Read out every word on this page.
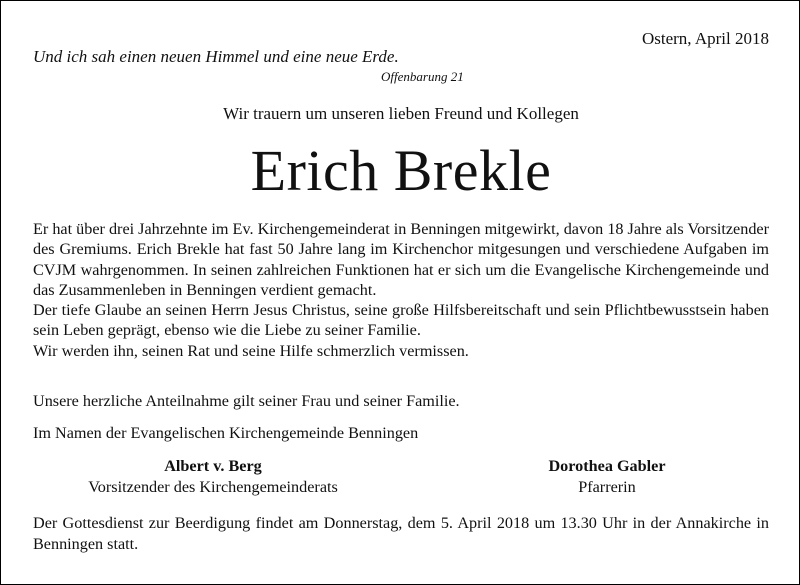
Ostern, April 2018
Und ich sah einen neuen Himmel und eine neue Erde.
Offenbarung 21
Wir trauern um unseren lieben Freund und Kollegen
Erich Brekle

Er hat über drei Jahrzehnte im Ev. Kirchengemeinderat in Benningen mitgewirkt, davon 18 Jahre als Vorsitzender des Gremiums. Erich Brekle hat fast 50 Jahre lang im Kirchenchor mitgesungen und verschiedene Aufgaben im CVJM wahrgenommen. In seinen zahlreichen Funktionen hat er sich um die Evangelische Kirchengemeinde und das Zusammenleben in Benningen verdient gemacht.

Der tiefe Glaube an seinen Herrn Jesus Christus, seine große Hilfsbereitschaft und sein Pflichtbewusstsein haben sein Leben geprägt, ebenso wie die Liebe zu seiner Familie.

Wir werden ihn, seinen Rat und seine Hilfe schmerzlich vermissen.

Unsere herzliche Anteilnahme gilt seiner Frau und seiner Familie.
Im Namen der Evangelischen Kirchengemeinde Benningen
Albert v. Berg
Vorsitzender des Kirchengemeinderats
Dorothea Gabler
Pfarrerin
Der Gottesdienst zur Beerdigung findet am Donnerstag, dem 5. April 2018 um 13.30 Uhr in der Annakirche in Benningen statt.
